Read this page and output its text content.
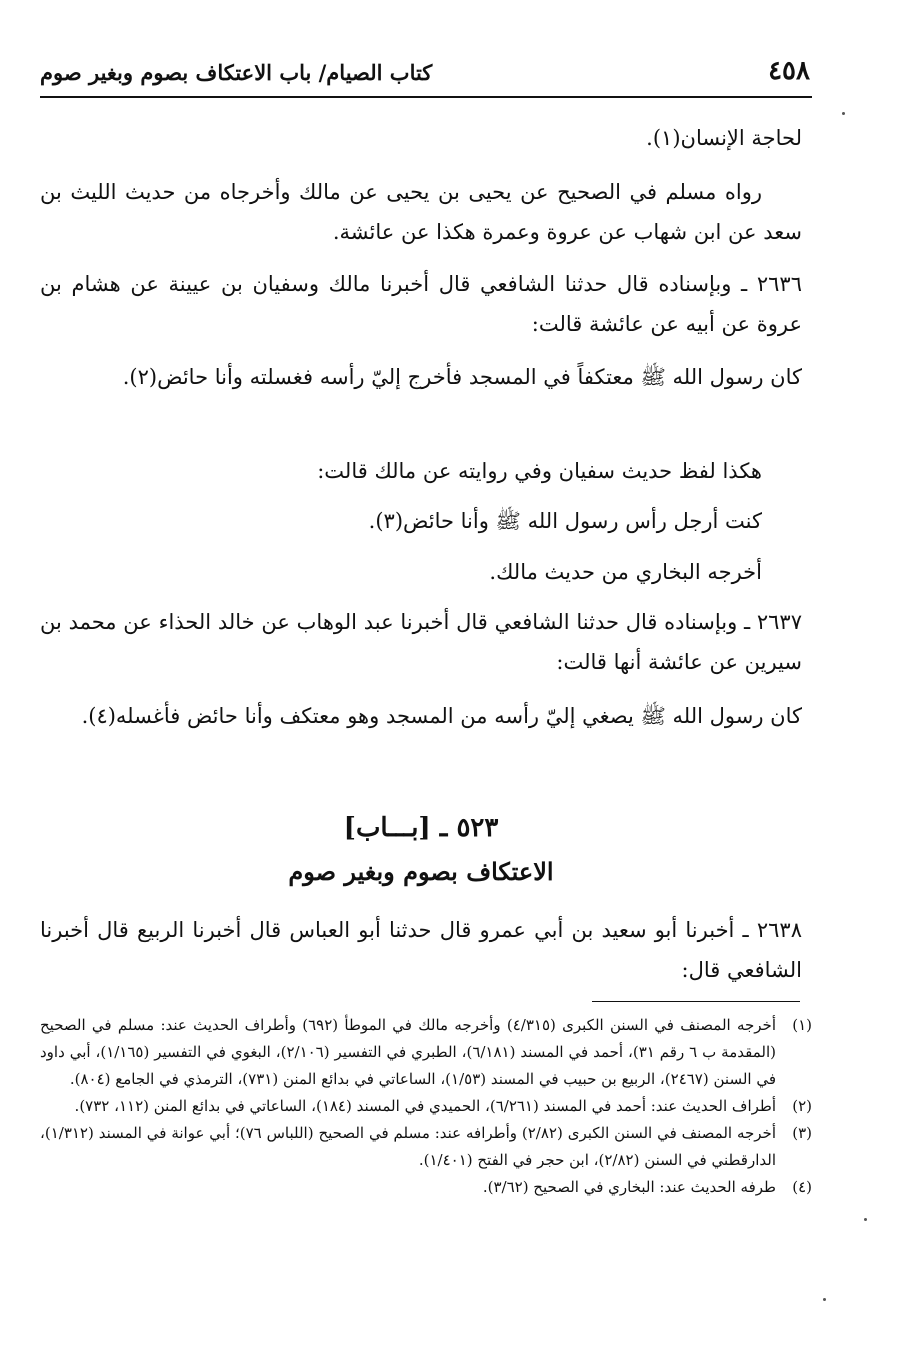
٤٥٨
كتاب الصيام/ باب الاعتكاف بصوم وبغير صوم

لحاجة الإنسان(١).

رواه مسلم في الصحيح عن يحيى بن يحيى عن مالك وأخرجاه من حديث الليث بن سعد عن ابن شهاب عن عروة وعمرة هكذا عن عائشة.

٢٦٣٦ ـ وبإسناده قال حدثنا الشافعي قال أخبرنا مالك وسفيان بن عيينة عن هشام بن عروة عن أبيه عن عائشة قالت:

كان رسول الله ﷺ معتكفاً في المسجد فأخرج إليّ رأسه فغسلته وأنا حائض(٢).

هكذا لفظ حديث سفيان وفي روايته عن مالك قالت:

كنت أرجل رأس رسول الله ﷺ وأنا حائض(٣).

أخرجه البخاري من حديث مالك.

٢٦٣٧ ـ وبإسناده قال حدثنا الشافعي قال أخبرنا عبد الوهاب عن خالد الحذاء عن محمد بن سيرين عن عائشة أنها قالت:

كان رسول الله ﷺ يصغي إليّ رأسه من المسجد وهو معتكف وأنا حائض فأغسله(٤).

٥٢٣ ـ [بـــاب]
الاعتكاف بصوم وبغير صوم

٢٦٣٨ ـ أخبرنا أبو سعيد بن أبي عمرو قال حدثنا أبو العباس قال أخبرنا الربيع قال أخبرنا الشافعي قال:

(١)
أخرجه المصنف في السنن الكبرى (٤/٣١٥) وأخرجه مالك في الموطأ (٦٩٢) وأطراف الحديث عند: مسلم في الصحيح (المقدمة ب ٦ رقم ٣١)، أحمد في المسند (٦/١٨١)، الطبري في التفسير (٢/١٠٦)، البغوي في التفسير (١/١٦٥)، أبي داود في السنن (٢٤٦٧)، الربيع بن حبيب في المسند (١/٥٣)، الساعاتي في بدائع المنن (٧٣١)، الترمذي في الجامع (٨٠٤).
(٢)
أطراف الحديث عند: أحمد في المسند (٦/٢٦١)، الحميدي في المسند (١٨٤)، الساعاتي في بدائع المنن (١١٢، ٧٣٢).
(٣)
أخرجه المصنف في السنن الكبرى (٢/٨٢) وأطرافه عند: مسلم في الصحيح (اللباس ٧٦)؛ أبي عوانة في المسند (١/٣١٢)، الدارقطني في السنن (٢/٨٢)، ابن حجر في الفتح (١/٤٠١).
(٤)
طرفه الحديث عند: البخاري في الصحيح (٣/٦٢).
